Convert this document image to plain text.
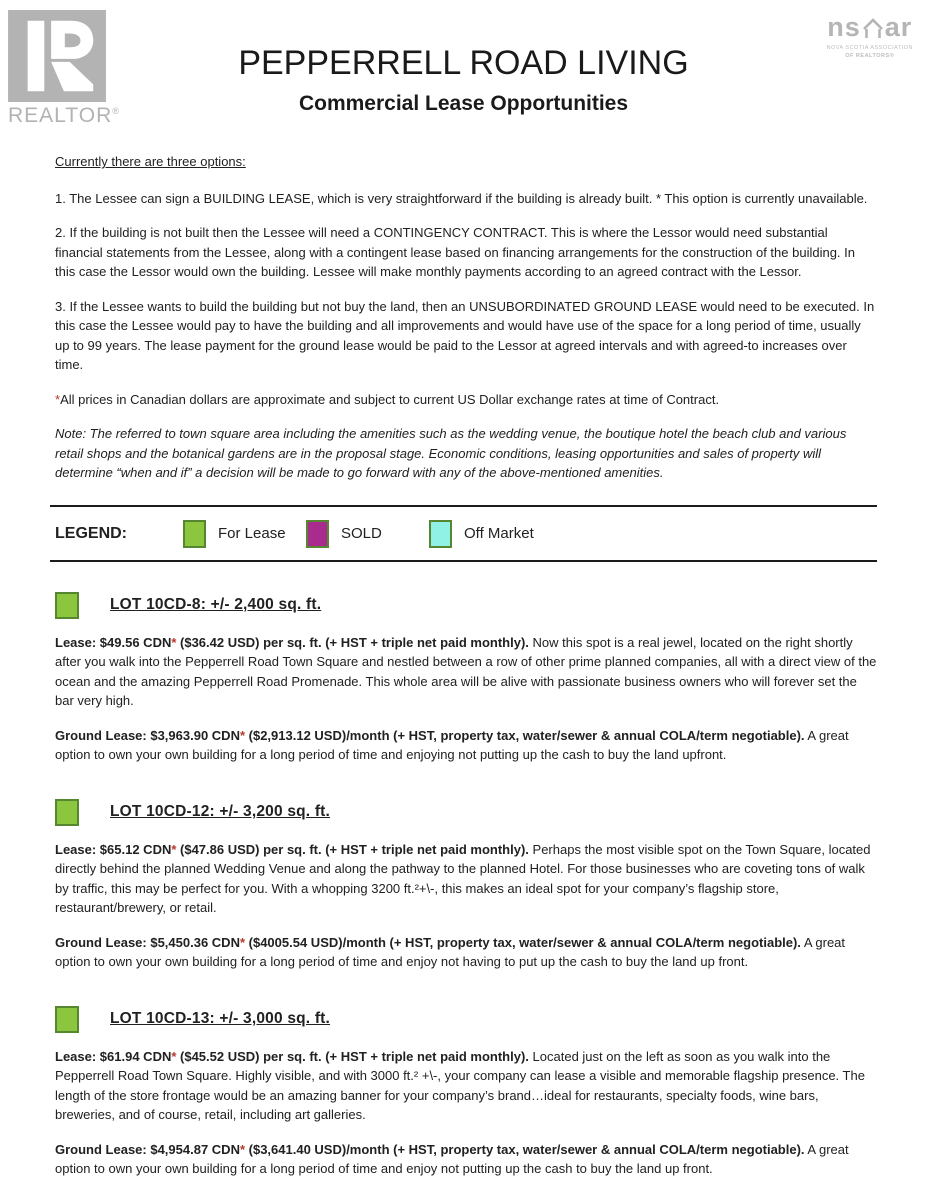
REALTOR®
PEPPERRELL ROAD LIVING
Commercial Lease Opportunities
ns ar
NOVA SCOTIA ASSOCIATION
OF REALTORS®

Currently there are three options:

1. The Lessee can sign a BUILDING LEASE, which is very straightforward if the building is already built. * This option is currently unavailable.

2. If the building is not built then the Lessee will need a CONTINGENCY CONTRACT. This is where the Lessor would need substantial financial statements from the Lessee, along with a contingent lease based on financing arrangements for the construction of the building. In this case the Lessor would own the building. Lessee will make monthly payments according to an agreed contract with the Lessor.

3. If the Lessee wants to build the building but not buy the land, then an UNSUBORDINATED GROUND LEASE would need to be executed. In this case the Lessee would pay to have the building and all improvements and would have use of the space for a long period of time, usually up to 99 years. The lease payment for the ground lease would be paid to the Lessor at agreed intervals and with agreed-to increases over time.

*All prices in Canadian dollars are approximate and subject to current US Dollar exchange rates at time of Contract.

Note: The referred to town square area including the amenities such as the wedding venue, the boutique hotel the beach club and various retail shops and the botanical gardens are in the proposal stage. Economic conditions, leasing opportunities and sales of property will determine “when and if” a decision will be made to go forward with any of the above-mentioned amenities.

LEGEND:	For Lease	SOLD	Off Market
LOT 10CD-8: +/- 2,400 sq. ft.

Lease: $49.56 CDN* ($36.42 USD) per sq. ft. (+ HST + triple net paid monthly). Now this spot is a real jewel, located on the right shortly after you walk into the Pepperrell Road Town Square and nestled between a row of other prime planned companies, all with a direct view of the ocean and the amazing Pepperrell Road Promenade. This whole area will be alive with passionate business owners who will forever set the bar very high.

Ground Lease: $3,963.90 CDN* ($2,913.12 USD)/month (+ HST, property tax, water/sewer & annual COLA/term negotiable). A great option to own your own building for a long period of time and enjoying not putting up the cash to buy the land upfront.

LOT 10CD-12: +/- 3,200 sq. ft.

Lease: $65.12 CDN* ($47.86 USD) per sq. ft. (+ HST + triple net paid monthly). Perhaps the most visible spot on the Town Square, located directly behind the planned Wedding Venue and along the pathway to the planned Hotel. For those businesses who are coveting tons of walk by traffic, this may be perfect for you. With a whopping 3200 ft.²+\-, this makes an ideal spot for your company’s flagship store, restaurant/brewery, or retail.

Ground Lease: $5,450.36 CDN* ($4005.54 USD)/month (+ HST, property tax, water/sewer & annual COLA/term negotiable). A great option to own your own building for a long period of time and enjoy not having to put up the cash to buy the land up front.

LOT 10CD-13: +/- 3,000 sq. ft.

Lease: $61.94 CDN* ($45.52 USD) per sq. ft. (+ HST + triple net paid monthly). Located just on the left as soon as you walk into the Pepperrell Road Town Square. Highly visible, and with 3000 ft.² +\-, your company can lease a visible and memorable flagship presence. The length of the store frontage would be an amazing banner for your company’s brand…ideal for restaurants, specialty foods, wine bars, breweries, and of course, retail, including art galleries.

Ground Lease: $4,954.87 CDN* ($3,641.40 USD)/month (+ HST, property tax, water/sewer & annual COLA/term negotiable). A great option to own your own building for a long period of time and enjoy not putting up the cash to buy the land up front.
